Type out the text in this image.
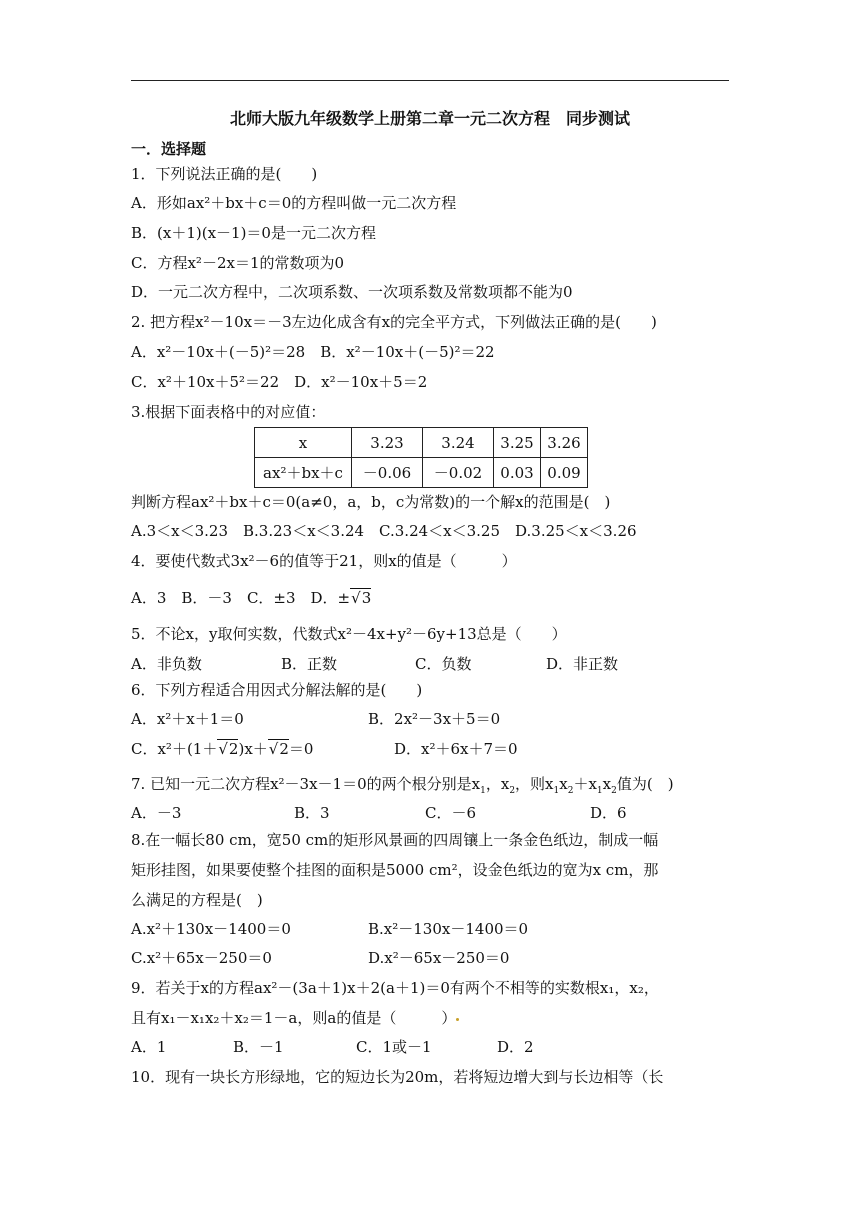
北师大版九年级数学上册第二章一元二次方程　同步测试
一．选择题
1．下列说法正确的是(　　)
A．形如ax²＋bx＋c＝0的方程叫做一元二次方程
B．(x＋1)(x－1)＝0是一元二次方程
C．方程x²－2x＝1的常数项为0
D．一元二次方程中，二次项系数、一次项系数及常数项都不能为0
2. 把方程x²－10x＝－3左边化成含有x的完全平方式，下列做法正确的是(　　)
A．x²－10x＋(－5)²＝28　B．x²－10x＋(－5)²＝22
C．x²＋10x＋5²＝22　D．x²－10x＋5＝2
3.根据下面表格中的对应值：
x	3.23	3.24	3.25	3.26
ax²＋bx＋c	－0.06	－0.02	0.03	0.09
判断方程ax²＋bx＋c＝0(a≠0，a，b，c为常数)的一个解x的范围是(　)
A.3＜x＜3.23　B.3.23＜x＜3.24　C.3.24＜x＜3.25　D.3.25＜x＜3.26
4．要使代数式3x²－6的值等于21，则x的值是（　　　）
A．3　B．－3　C．±3　D．±√3
5．不论x，y取何实数，代数式x²－4x+y²－6y+13总是（　　）
A．非负数	B．正数	C．负数	D．非正数
6．下列方程适合用因式分解法解的是(　　)
A．x²＋x＋1＝0	B．2x²－3x＋5＝0
C．x²＋(1＋√2)x＋√2＝0	D．x²＋6x＋7＝0
7. 已知一元二次方程x²－3x－1＝0的两个根分别是$x_1$，$x_2$，则$x_1x_2+x_1x_2$值为(　)
A．－3	B．3	C．－6	D．6
8.在一幅长80 cm，宽50 cm的矩形风景画的四周镶上一条金色纸边，制成一幅
矩形挂图，如果要使整个挂图的面积是5000 cm²，设金色纸边的宽为x cm，那
么满足的方程是(　)
A.x²＋130x－1400＝0	B.x²－130x－1400＝0
C.x²＋65x－250＝0	D.x²－65x－250＝0
9．若关于x的方程ax²－(3a＋1)x＋2(a＋1)＝0有两个不相等的实数根x₁，x₂，
且有x₁－x₁x₂＋x₂＝1－a，则a的值是（　　　）
A．1	B．－1	C．1或－1	D．2
10．现有一块长方形绿地，它的短边长为20m，若将短边增大到与长边相等（长
